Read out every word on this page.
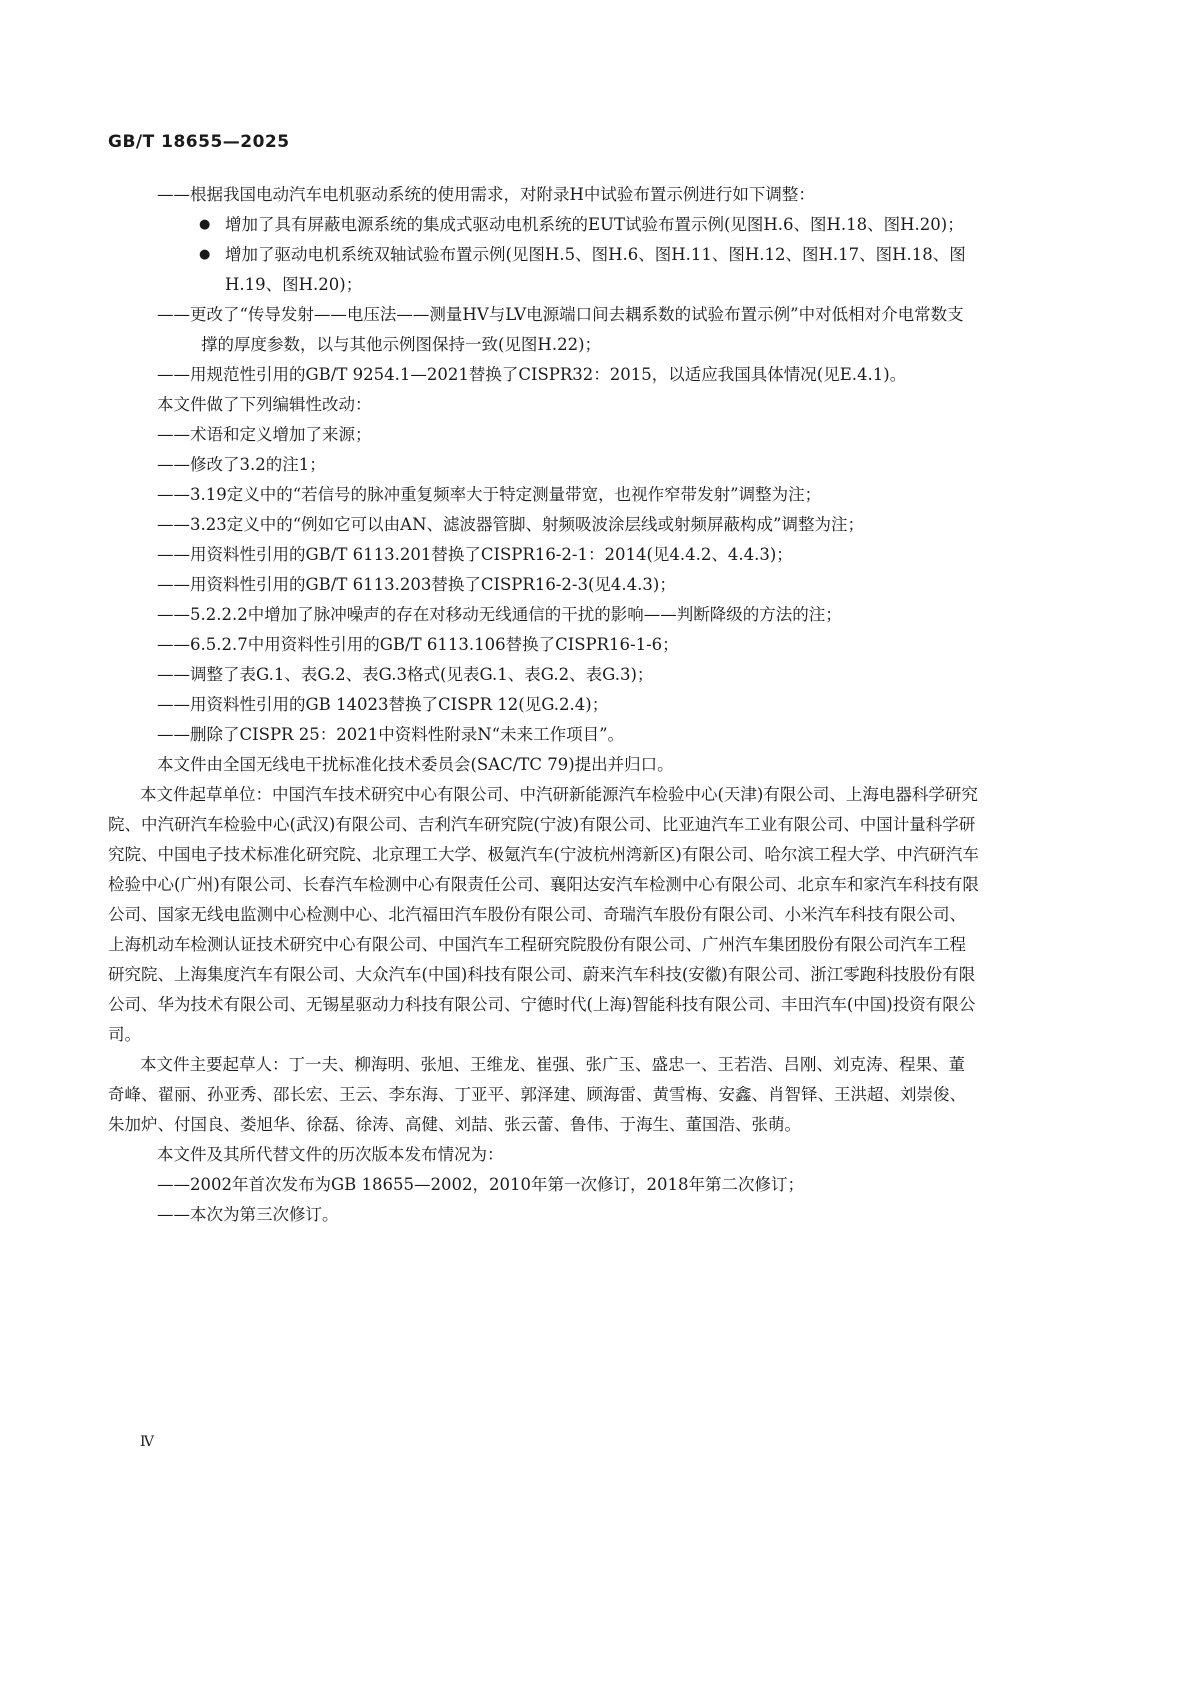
GB/T 18655—2025
——根据我国电动汽车电机驱动系统的使用需求，对附录H中试验布置示例进行如下调整：
● 增加了具有屏蔽电源系统的集成式驱动电机系统的EUT试验布置示例(见图H.6、图H.18、图H.20)；
● 增加了驱动电机系统双轴试验布置示例(见图H.5、图H.6、图H.11、图H.12、图H.17、图H.18、图H.19、图H.20)；
——更改了“传导发射——电压法——测量HV与LV电源端口间去耦系数的试验布置示例”中对低相对介电常数支撑的厚度参数，以与其他示例图保持一致(见图H.22)；
——用规范性引用的GB/T 9254.1—2021替换了CISPR32：2015，以适应我国具体情况(见E.4.1)。
本文件做了下列编辑性改动：
——术语和定义增加了来源；
——修改了3.2的注1；
——3.19定义中的“若信号的脉冲重复频率大于特定测量带宽，也视作窄带发射”调整为注；
——3.23定义中的“例如它可以由AN、滤波器管脚、射频吸波涂层线或射频屏蔽构成”调整为注；
——用资料性引用的GB/T 6113.201替换了CISPR16-2-1：2014(见4.4.2、4.4.3)；
——用资料性引用的GB/T 6113.203替换了CISPR16-2-3(见4.4.3)；
——5.2.2.2中增加了脉冲噪声的存在对移动无线通信的干扰的影响——判断降级的方法的注；
——6.5.2.7中用资料性引用的GB/T 6113.106替换了CISPR16-1-6；
——调整了表G.1、表G.2、表G.3格式(见表G.1、表G.2、表G.3)；
——用资料性引用的GB 14023替换了CISPR 12(见G.2.4)；
——删除了CISPR 25：2021中资料性附录N“未来工作项目”。
本文件由全国无线电干扰标准化技术委员会(SAC/TC 79)提出并归口。
本文件起草单位：中国汽车技术研究中心有限公司、中汽研新能源汽车检验中心(天津)有限公司、上海电器科学研究院、中汽研汽车检验中心(武汉)有限公司、吉利汽车研究院(宁波)有限公司、比亚迪汽车工业有限公司、中国计量科学研究院、中国电子技术标准化研究院、北京理工大学、极氪汽车(宁波杭州湾新区)有限公司、哈尔滨工程大学、中汽研汽车检验中心(广州)有限公司、长春汽车检测中心有限责任公司、襄阳达安汽车检测中心有限公司、北京车和家汽车科技有限公司、国家无线电监测中心检测中心、北汽福田汽车股份有限公司、奇瑞汽车股份有限公司、小米汽车科技有限公司、上海机动车检测认证技术研究中心有限公司、中国汽车工程研究院股份有限公司、广州汽车集团股份有限公司汽车工程研究院、上海集度汽车有限公司、大众汽车(中国)科技有限公司、蔚来汽车科技(安徽)有限公司、浙江零跑科技股份有限公司、华为技术有限公司、无锡星驱动力科技有限公司、宁德时代(上海)智能科技有限公司、丰田汽车(中国)投资有限公司。
本文件主要起草人：丁一夫、柳海明、张旭、王维龙、崔强、张广玉、盛忠一、王若浩、吕刚、刘克涛、程果、董奇峰、翟丽、孙亚秀、邵长宏、王云、李东海、丁亚平、郭泽建、顾海雷、黄雪梅、安鑫、肖智铎、王洪超、刘崇俊、朱加炉、付国良、娄旭华、徐磊、徐涛、高健、刘喆、张云蕾、鲁伟、于海生、董国浩、张萌。
本文件及其所代替文件的历次版本发布情况为：
——2002年首次发布为GB 18655—2002，2010年第一次修订，2018年第二次修订；
——本次为第三次修订。
Ⅳ
